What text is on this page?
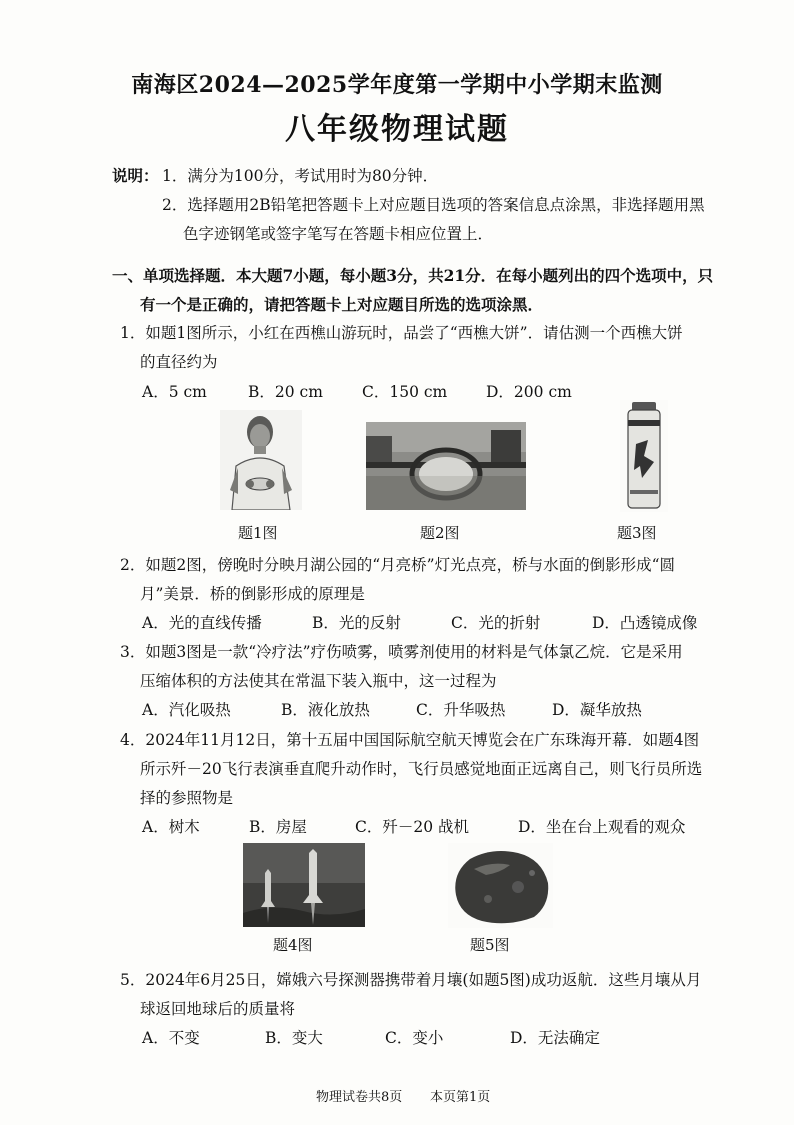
南海区2024—2025学年度第一学期中小学期末监测
八年级物理试题
说明： 1．满分为100分，考试用时为80分钟．
2．选择题用2B铅笔把答题卡上对应题目选项的答案信息点涂黑，非选择题用黑
色字迹钢笔或签字笔写在答题卡相应位置上．
一、单项选择题．本大题7小题，每小题3分，共21分．在每小题列出的四个选项中，只
有一个是正确的，请把答题卡上对应题目所选的选项涂黑．
1．如题1图所示，小红在西樵山游玩时，品尝了“西樵大饼”．请估测一个西樵大饼
的直径约为
A．5 cm	B．20 cm	C．150 cm D．200 cm
题1图	题2图	题3图
2．如题2图，傍晚时分映月湖公园的“月亮桥”灯光点亮，桥与水面的倒影形成“圆
月”美景．桥的倒影形成的原理是
A．光的直线传播	B．光的反射	C．光的折射	D．凸透镜成像
3．如题3图是一款“冷疗法”疗伤喷雾，喷雾剂使用的材料是气体氯乙烷．它是采用
压缩体积的方法使其在常温下装入瓶中，这一过程为
A．汽化吸热	B．液化放热	C．升华吸热	D．凝华放热
4．2024年11月12日，第十五届中国国际航空航天博览会在广东珠海开幕．如题4图
所示歼－20飞行表演垂直爬升动作时，飞行员感觉地面正远离自己，则飞行员所选
择的参照物是
A．树木	B．房屋	C．歼－20 战机	D．坐在台上观看的观众
题4图	题5图
5．2024年6月25日，嫦娥六号探测器携带着月壤(如题5图)成功返航．这些月壤从月
球返回地球后的质量将
A．不变	B．变大	C．变小	D．无法确定
物理试卷共8页 本页第1页
